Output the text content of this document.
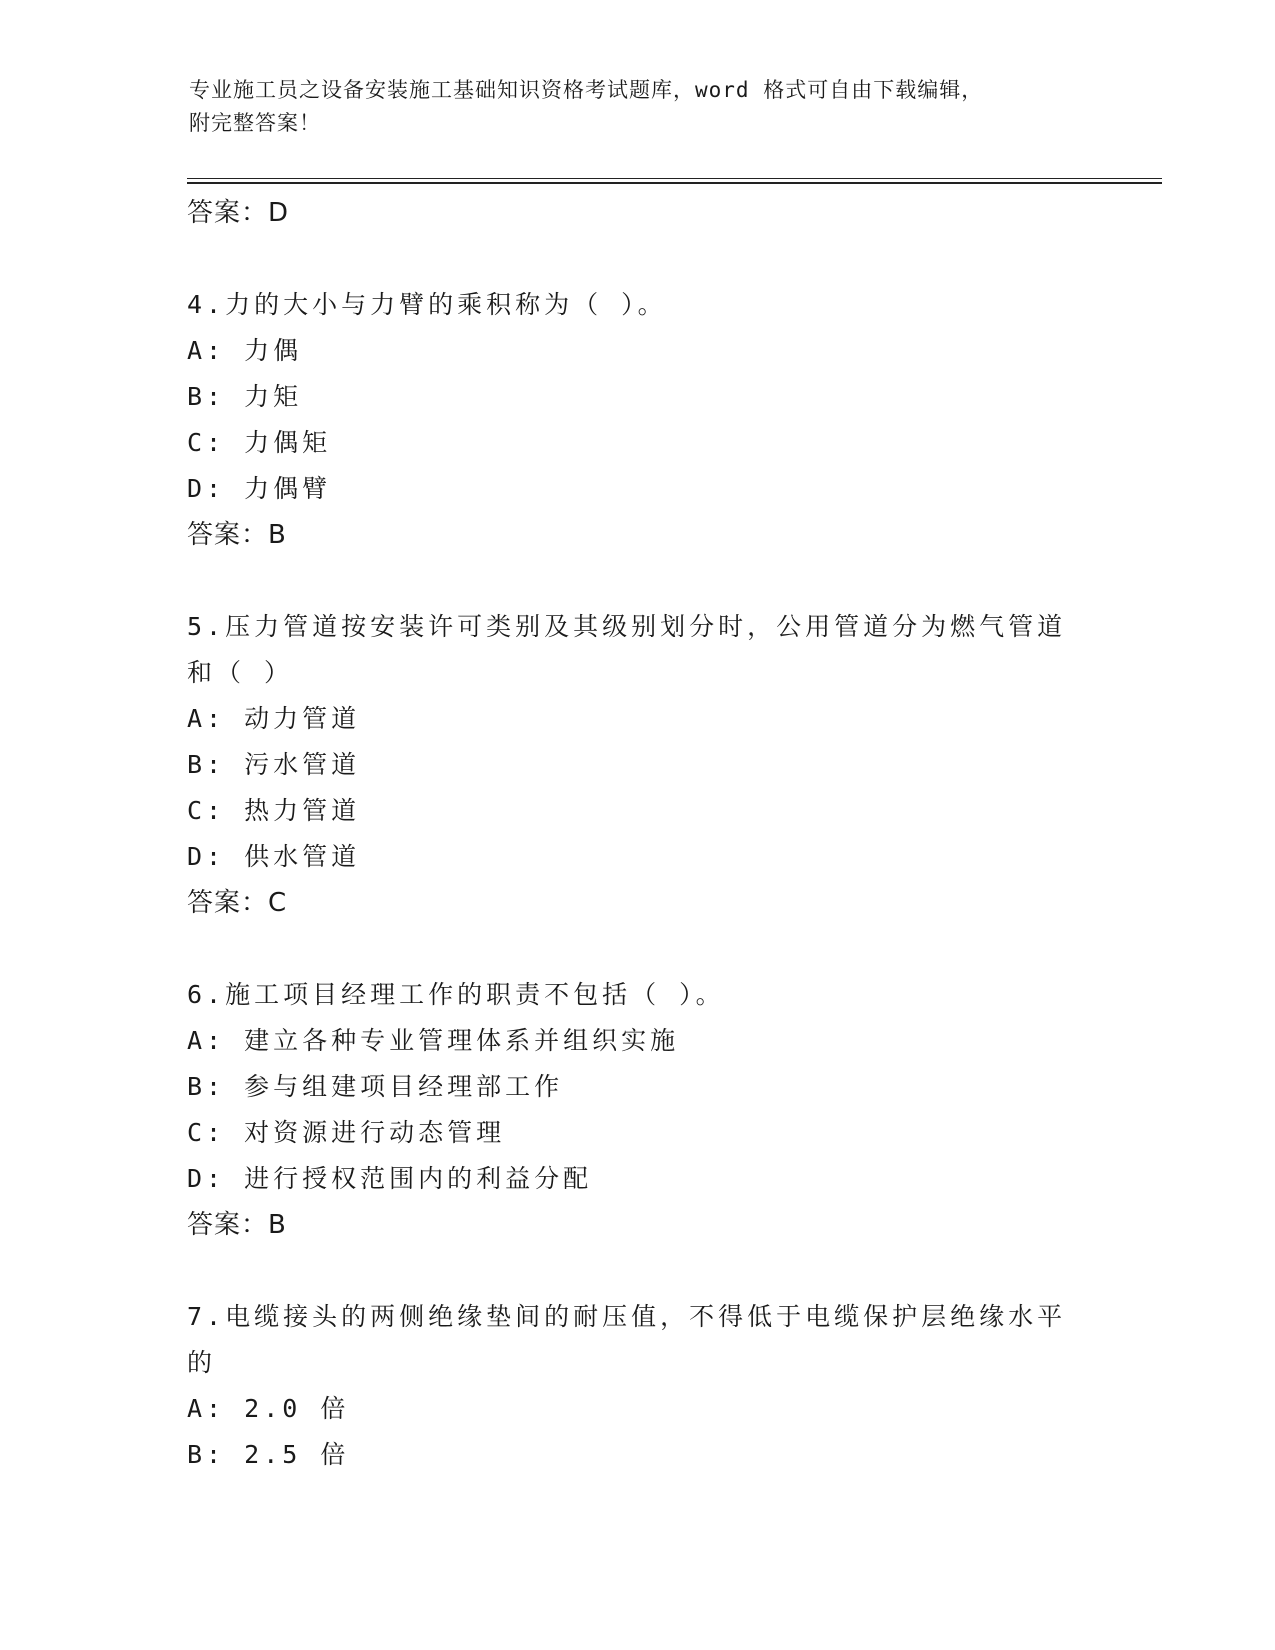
专业施工员之设备安装施工基础知识资格考试题库，word 格式可自由下载编辑，
附完整答案！
答案：D
4.力的大小与力臂的乘积称为（ ）。
A: 力偶
B: 力矩
C: 力偶矩
D: 力偶臂
答案：B
5.压力管道按安装许可类别及其级别划分时，公用管道分为燃气管道
和（ ）
A: 动力管道
B: 污水管道
C: 热力管道
D: 供水管道
答案：C
6.施工项目经理工作的职责不包括（ ）。
A: 建立各种专业管理体系并组织实施
B: 参与组建项目经理部工作
C: 对资源进行动态管理
D: 进行授权范围内的利益分配
答案：B
7.电缆接头的两侧绝缘垫间的耐压值，不得低于电缆保护层绝缘水平
的
A: 2.0 倍
B: 2.5 倍
